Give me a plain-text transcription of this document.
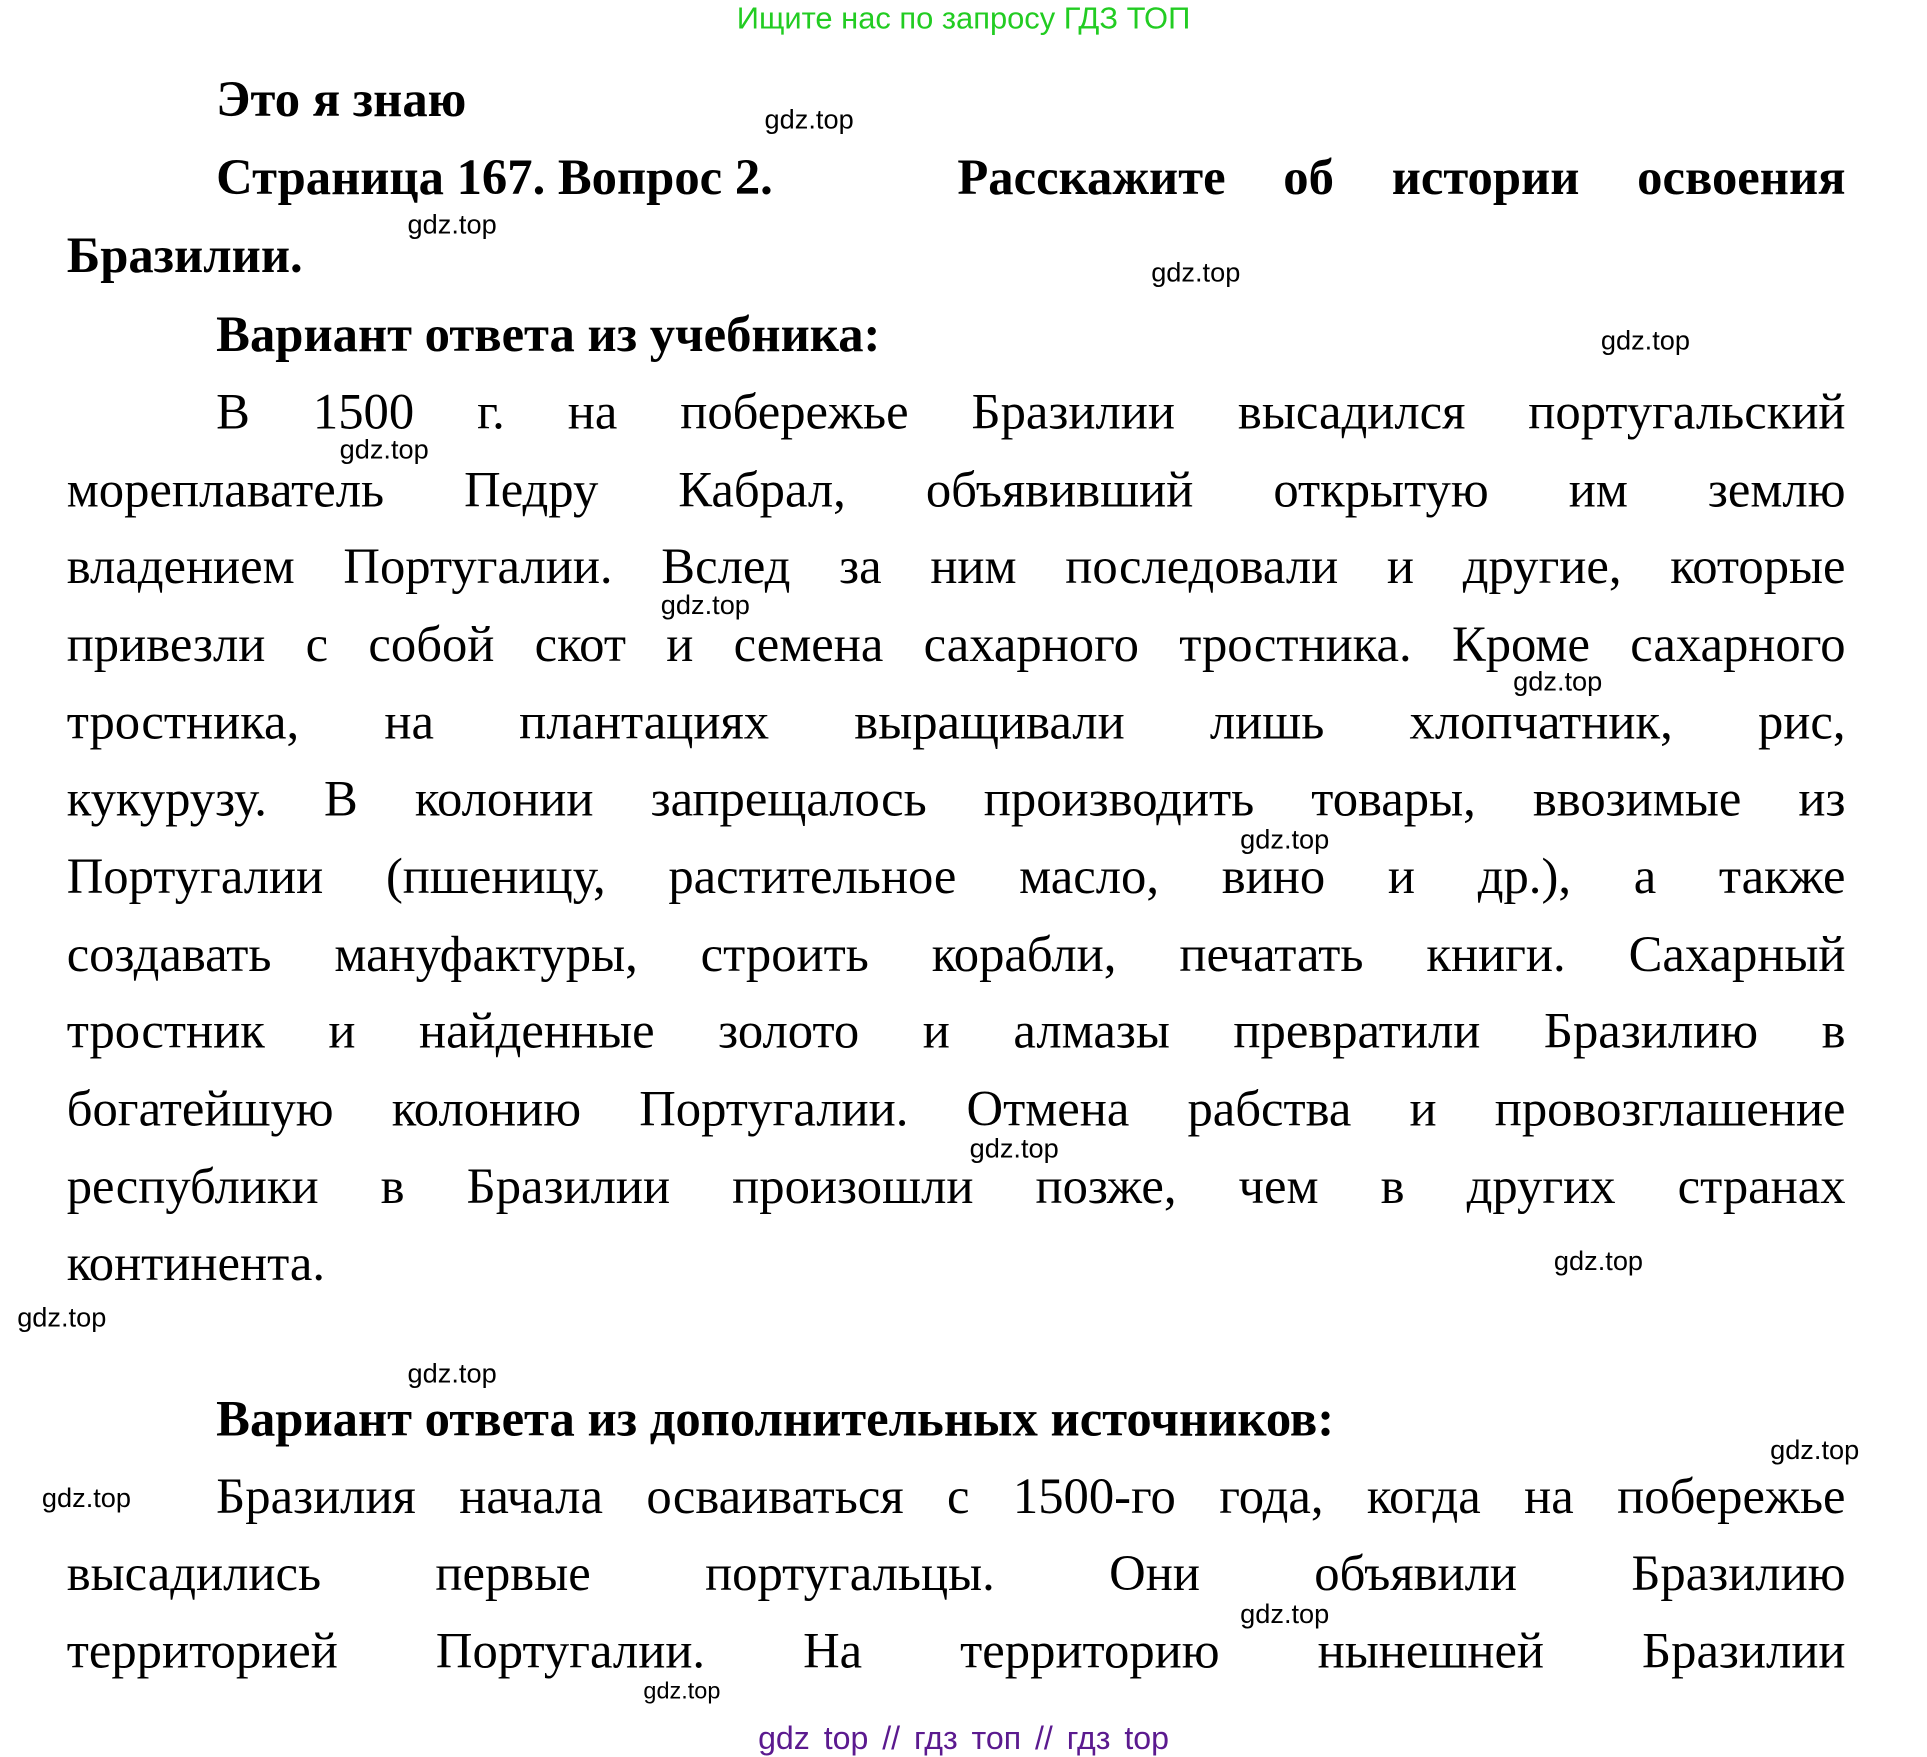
Ищите нас по запросу ГДЗ ТОП
Это я знаю
Страница 167. Вопрос 2.	Расскажите об истории освоения
Бразилии.
Вариант ответа из учебника:
В 1500 г. на побережье Бразилии высадился португальский
мореплаватель Педру Кабрал, объявивший открытую им землю
владением Португалии. Вслед за ним последовали и другие, которые
привезли с собой скот и семена сахарного тростника. Кроме сахарного
тростника, на плантациях выращивали лишь хлопчатник, рис,
кукурузу. В колонии запрещалось производить товары, ввозимые из
Португалии (пшеницу, растительное масло, вино и др.), а также
создавать мануфактуры, строить корабли, печатать книги. Сахарный
тростник и найденные золото и алмазы превратили Бразилию в
богатейшую колонию Португалии. Отмена рабства и провозглашение
республики в Бразилии произошли позже, чем в других странах
континента.
Вариант ответа из дополнительных источников:
Бразилия начала осваиваться с 1500-го года, когда на побережье
высадились первые португальцы. Они объявили Бразилию
территорией Португалии. На территорию нынешней Бразилии
gdz.top
gdz.top
gdz.top
gdz.top
gdz.top
gdz.top
gdz.top
gdz.top
gdz.top
gdz.top
gdz.top
gdz.top
gdz.top
gdz.top
gdz.top
gdz.top
gdz top // гдз топ // гдз top
